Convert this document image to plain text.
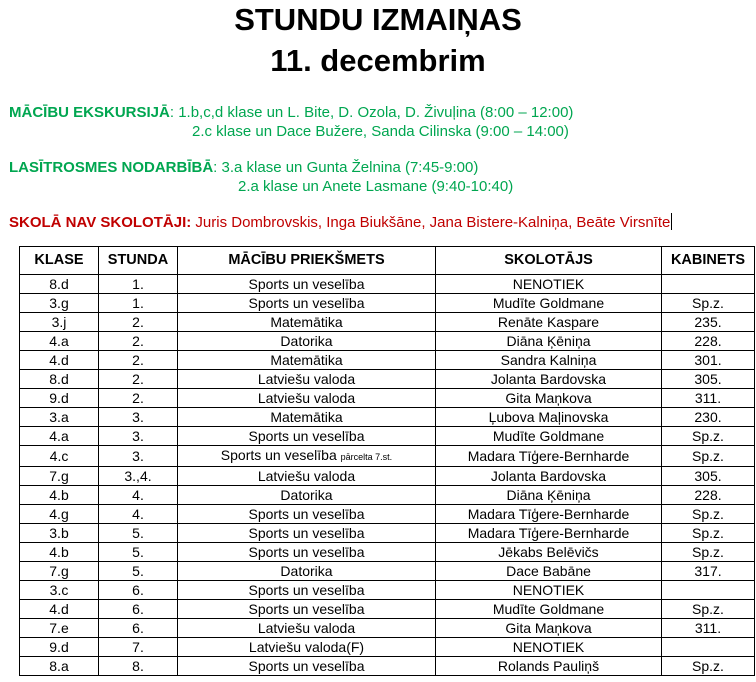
STUNDU IZMAIŅAS
11. decembrim
MĀCĪBU EKSKURSIJĀ: 1.b,c,d klase un L. Bite, D. Ozola, D. Živuļina (8:00 – 12:00)
2.c klase un Dace Bužere, Sanda Cilinska (9:00 – 14:00)
LASĪTROSMES NODARBĪBĀ: 3.a klase un Gunta Želnina (7:45-9:00)
2.a klase un Anete Lasmane (9:40-10:40)
SKOLĀ NAV SKOLOTĀJI: Juris Dombrovskis, Inga Biukšāne, Jana Bistere-Kalniņa, Beāte Virsnīte
KLASE	STUNDA	MĀCĪBU PRIEKŠMETS	SKOLOTĀJS	KABINETS
8.d	1.	Sports un veselība	NENOTIEK	
3.g	1.	Sports un veselība	Mudīte Goldmane	Sp.z.
3.j	2.	Matemātika	Renāte Kaspare	235.
4.a	2.	Datorika	Diāna Ķēniņa	228.
4.d	2.	Matemātika	Sandra Kalniņa	301.
8.d	2.	Latviešu valoda	Jolanta Bardovska	305.
9.d	2.	Latviešu valoda	Gita Maņkova	311.
3.a	3.	Matemātika	Ļubova Maļinovska	230.
4.a	3.	Sports un veselība	Mudīte Goldmane	Sp.z.
4.c	3.	Sports un veselība pārcelta 7.st.	Madara Tīģere-Bernharde	Sp.z.
7.g	3.,4.	Latviešu valoda	Jolanta Bardovska	305.
4.b	4.	Datorika	Diāna Ķēniņa	228.
4.g	4.	Sports un veselība	Madara Tīģere-Bernharde	Sp.z.
3.b	5.	Sports un veselība	Madara Tīģere-Bernharde	Sp.z.
4.b	5.	Sports un veselība	Jēkabs Belēvičs	Sp.z.
7.g	5.	Datorika	Dace Babāne	317.
3.c	6.	Sports un veselība	NENOTIEK	
4.d	6.	Sports un veselība	Mudīte Goldmane	Sp.z.
7.e	6.	Latviešu valoda	Gita Maņkova	311.
9.d	7.	Latviešu valoda(F)	NENOTIEK	
8.a	8.	Sports un veselība	Rolands Pauliņš	Sp.z.
